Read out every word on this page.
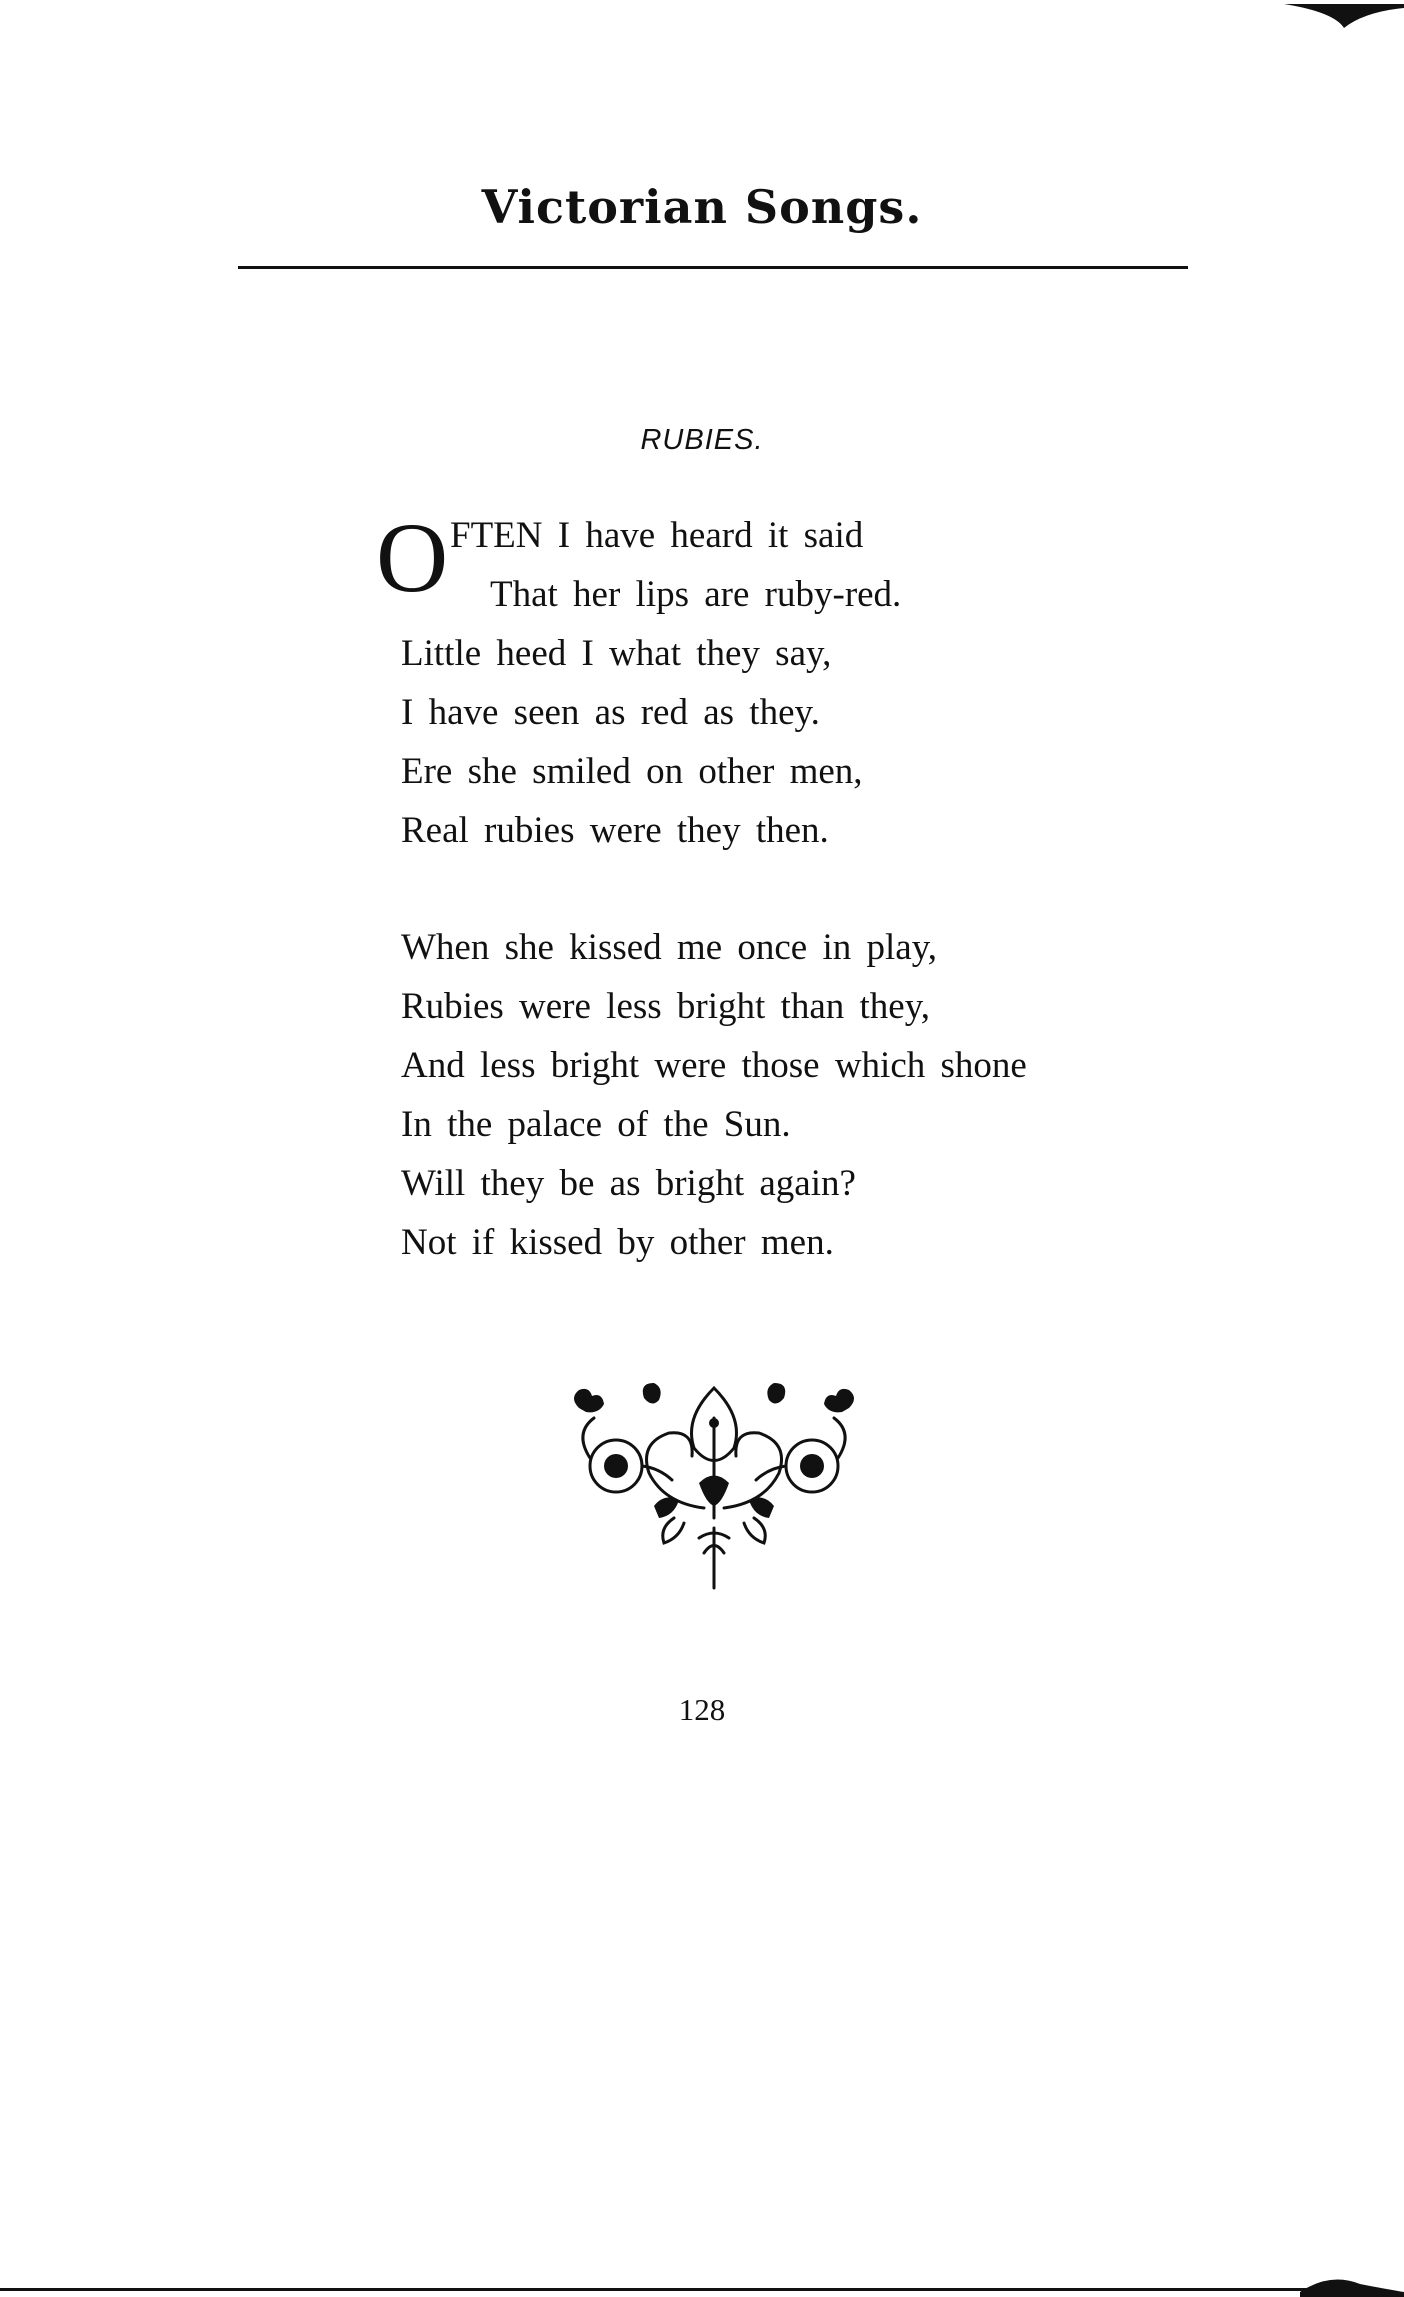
Victorian Songs.
RUBIES.
O FTEN I have heard it said
That her lips are ruby-red.
Little heed I what they say,
I have seen as red as they.
Ere she smiled on other men,
Real rubies were they then.
When she kissed me once in play,
Rubies were less bright than they,
And less bright were those which shone
In the palace of the Sun.
Will they be as bright again?
Not if kissed by other men.
128
